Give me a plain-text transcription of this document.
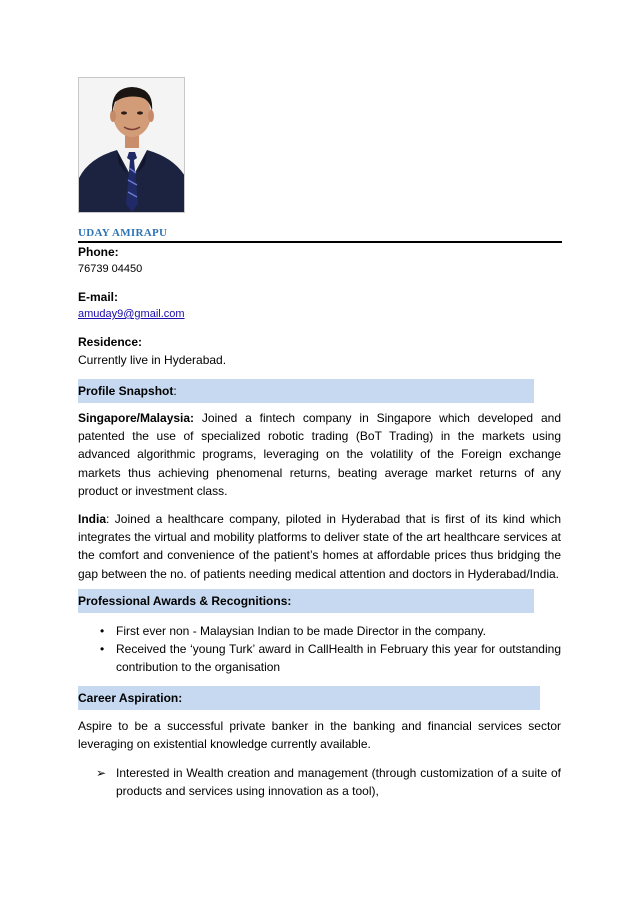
UDAY AMIRAPU
Phone:
76739 04450
E-mail:
amuday9@gmail.com
Residence:
Currently live in Hyderabad.
Profile Snapshot:

Singapore/Malaysia: Joined a fintech company in Singapore which developed and patented the use of specialized robotic trading (BoT Trading) in the markets using advanced algorithmic programs, leveraging on the volatility of the Foreign exchange markets thus achieving phenomenal returns, beating average market returns of any product or investment class.

India: Joined a healthcare company, piloted in Hyderabad that is first of its kind which integrates the virtual and mobility platforms to deliver state of the art healthcare services at the comfort and convenience of the patient’s homes at affordable prices thus bridging the gap between the no. of patients needing medical attention and doctors in Hyderabad/India.

Professional Awards & Recognitions:
• First ever non - Malaysian Indian to be made Director in the company.
• Received the ‘young Turk’ award in CallHealth in February this year for outstanding contribution to the organisation
Career Aspiration:

Aspire to be a successful private banker in the banking and financial services sector leveraging on existential knowledge currently available.

➢ Interested in Wealth creation and management (through customization of a suite of products and services using innovation as a tool),
